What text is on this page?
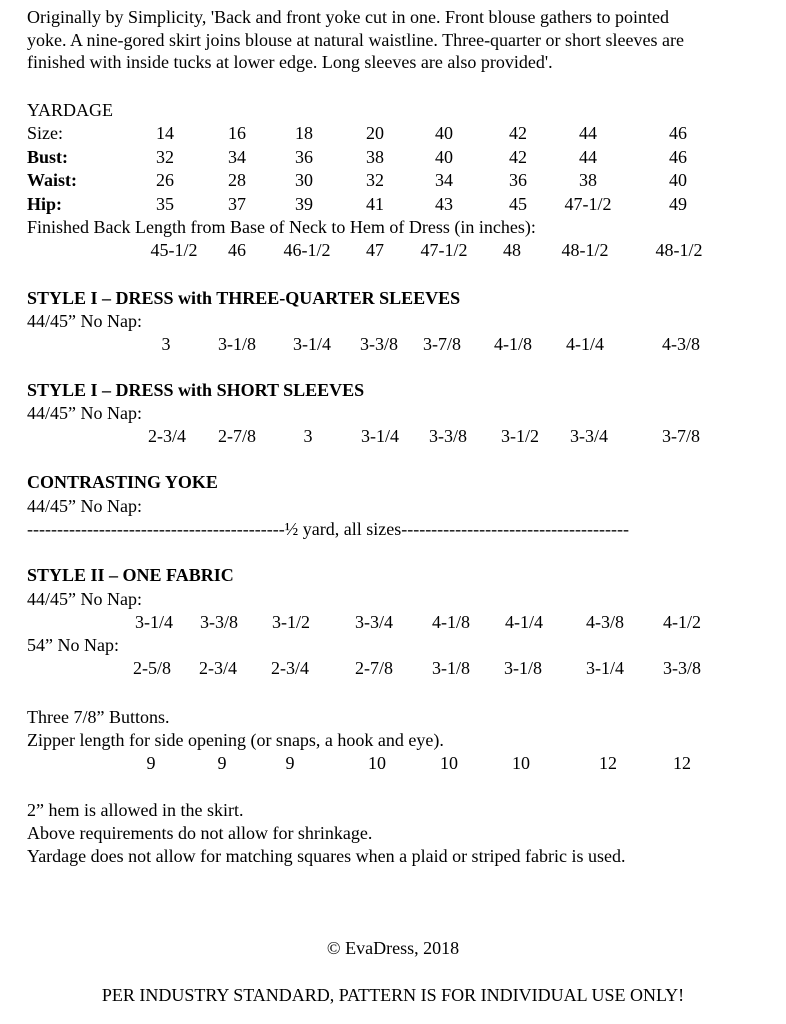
Originally by Simplicity, 'Back and front yoke cut in one. Front blouse gathers to pointed
yoke. A nine-gored skirt joins blouse at natural waistline. Three-quarter or short sleeves are
finished with inside tucks at lower edge. Long sleeves are also provided'.
YARDAGE
Size:	14	16	18	20	40	42	44	46
Bust:	32	34	36	38	40	42	44	46
Waist:	26	28	30	32	34	36	38	40
Hip:	35	37	39	41	43	45	47-1/2	49
Finished Back Length from Base of Neck to Hem of Dress (in inches):
45-1/2	46	46-1/2	47	47-1/2	48	48-1/2	48-1/2
STYLE I – DRESS with THREE-QUARTER SLEEVES
44/45” No Nap:
3	3-1/8	3-1/4	3-3/8	3-7/8	4-1/8	4-1/4	4-3/8
STYLE I – DRESS with SHORT SLEEVES
44/45” No Nap:
2-3/4	2-7/8	3	3-1/4	3-3/8	3-1/2	3-3/4	3-7/8
CONTRASTING YOKE
44/45” No Nap:
-------------------------------------------½ yard, all sizes--------------------------------------
STYLE II – ONE FABRIC
44/45” No Nap:
3-1/4	3-3/8	3-1/2	3-3/4	4-1/8	4-1/4	4-3/8	4-1/2
54” No Nap:
2-5/8	2-3/4	2-3/4	2-7/8	3-1/8	3-1/8	3-1/4	3-3/8
Three 7/8” Buttons.
Zipper length for side opening (or snaps, a hook and eye).
9	9	9	10	10	10	12	12
2” hem is allowed in the skirt.
Above requirements do not allow for shrinkage.
Yardage does not allow for matching squares when a plaid or striped fabric is used.
© EvaDress, 2018
PER INDUSTRY STANDARD, PATTERN IS FOR INDIVIDUAL USE ONLY!
